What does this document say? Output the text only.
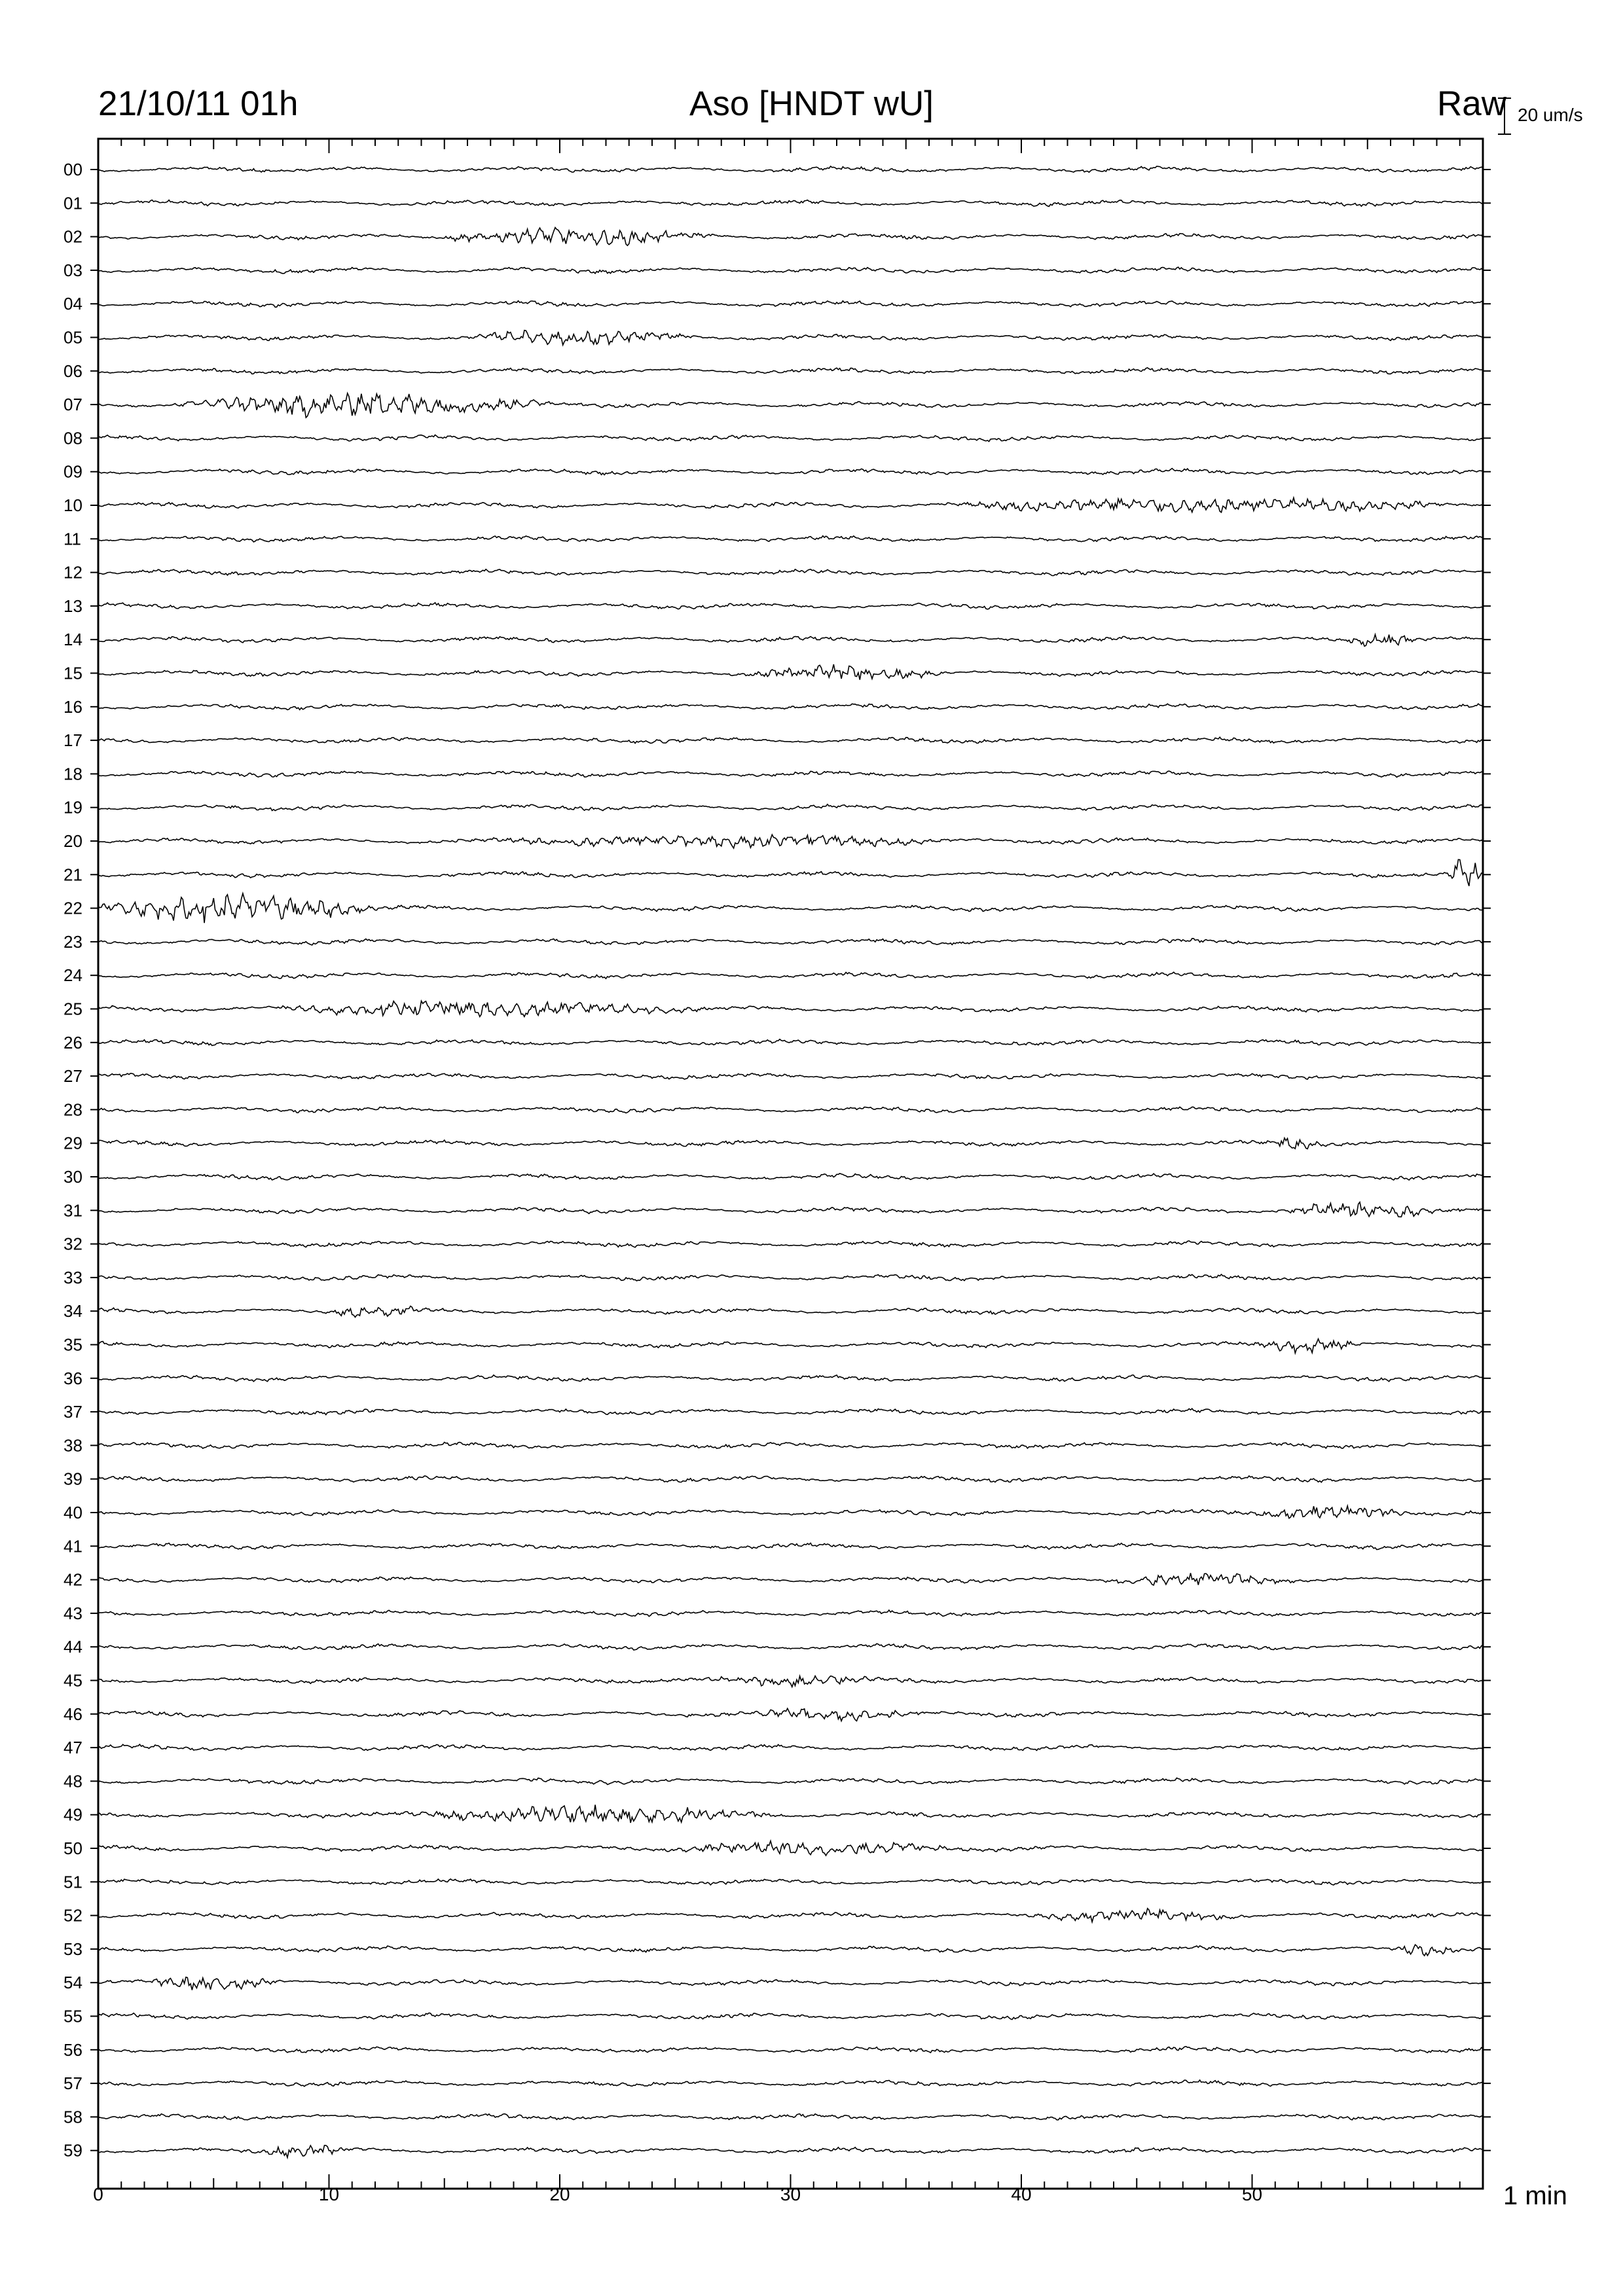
21/10/11 01h	Aso [HNDT wU]	Raw 20 um/s
00
01
02
03
04
05
06
07
08
09
10
11
12
13
14
15
16
17
18
19
20
21
22
23
24
25
26
27
28
29
30
31
32
33
34
35
36
37
38
39
40
41
42
43
44
45
46
47
48
49
50
51
52
53
54
55
56
57
58
59
0	10	20	30	40	50	1 min
